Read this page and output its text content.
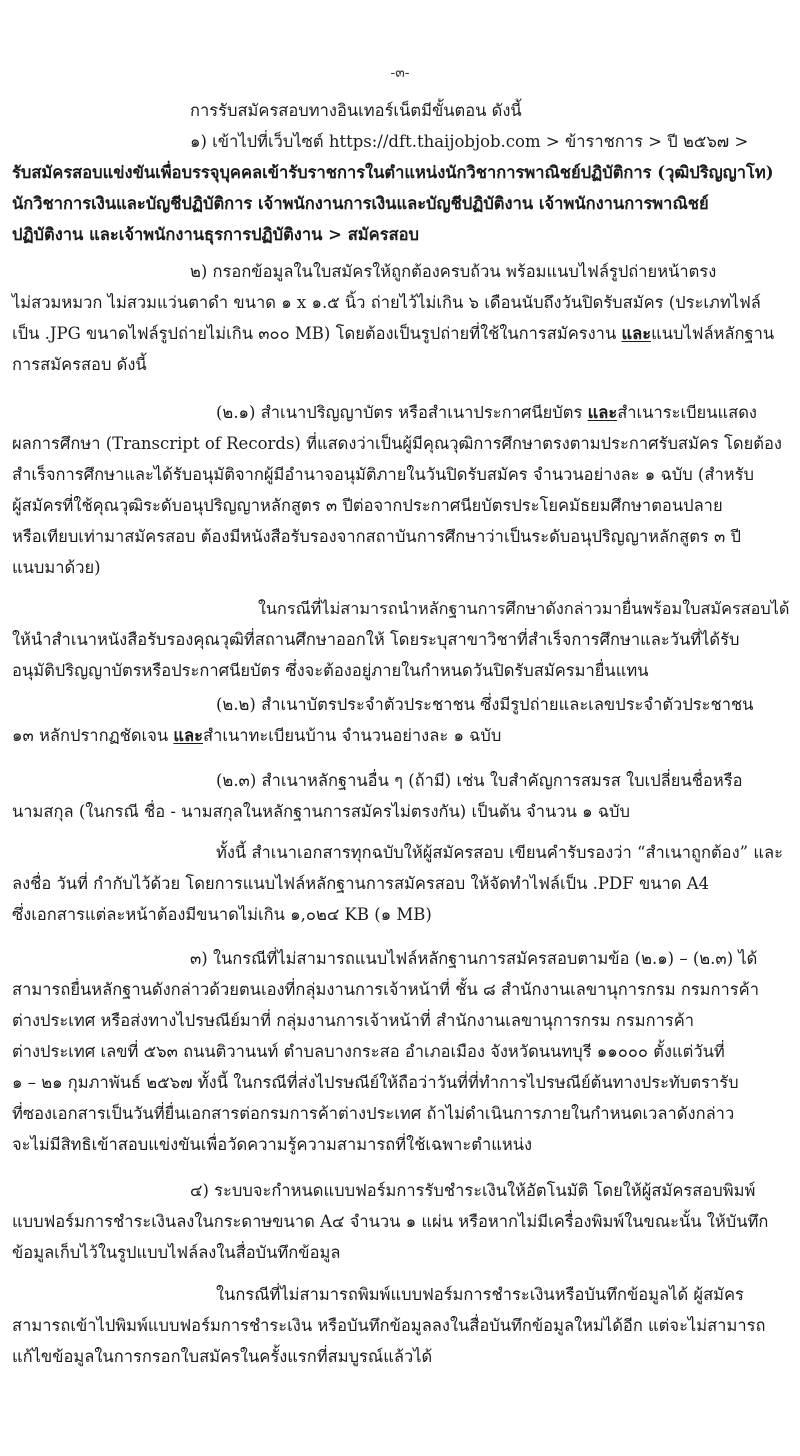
-๓-
การรับสมัครสอบทางอินเทอร์เน็ตมีขั้นตอน ดังนี้
๑) เข้าไปที่เว็บไซต์ https://dft.thaijobjob.com > ข้าราชการ > ปี ๒๕๖๗ >
รับสมัครสอบแข่งขันเพื่อบรรจุบุคคลเข้ารับราชการในตำแหน่งนักวิชาการพาณิชย์ปฏิบัติการ (วุฒิปริญญาโท)
นักวิชาการเงินและบัญชีปฏิบัติการ เจ้าพนักงานการเงินและบัญชีปฏิบัติงาน เจ้าพนักงานการพาณิชย์
ปฏิบัติงาน และเจ้าพนักงานธุรการปฏิบัติงาน > สมัครสอบ
๒) กรอกข้อมูลในใบสมัครให้ถูกต้องครบถ้วน พร้อมแนบไฟล์รูปถ่ายหน้าตรง
ไม่สวมหมวก ไม่สวมแว่นตาดำ ขนาด ๑ x ๑.๕ นิ้ว ถ่ายไว้ไม่เกิน ๖ เดือนนับถึงวันปิดรับสมัคร (ประเภทไฟล์
เป็น .JPG ขนาดไฟล์รูปถ่ายไม่เกิน ๓๐๐ MB) โดยต้องเป็นรูปถ่ายที่ใช้ในการสมัครงาน และแนบไฟล์หลักฐาน
การสมัครสอบ ดังนี้
(๒.๑) สำเนาปริญญาบัตร หรือสำเนาประกาศนียบัตร และสำเนาระเบียนแสดง
ผลการศึกษา (Transcript of Records) ที่แสดงว่าเป็นผู้มีคุณวุฒิการศึกษาตรงตามประกาศรับสมัคร โดยต้อง
สำเร็จการศึกษาและได้รับอนุมัติจากผู้มีอำนาจอนุมัติภายในวันปิดรับสมัคร จำนวนอย่างละ ๑ ฉบับ (สำหรับ
ผู้สมัครที่ใช้คุณวุฒิระดับอนุปริญญาหลักสูตร ๓ ปีต่อจากประกาศนียบัตรประโยคมัธยมศึกษาตอนปลาย
หรือเทียบเท่ามาสมัครสอบ ต้องมีหนังสือรับรองจากสถาบันการศึกษาว่าเป็นระดับอนุปริญญาหลักสูตร ๓ ปี
แนบมาด้วย)
ในกรณีที่ไม่สามารถนำหลักฐานการศึกษาดังกล่าวมายื่นพร้อมใบสมัครสอบได้
ให้นำสำเนาหนังสือรับรองคุณวุฒิที่สถานศึกษาออกให้ โดยระบุสาขาวิชาที่สำเร็จการศึกษาและวันที่ได้รับ
อนุมัติปริญญาบัตรหรือประกาศนียบัตร ซึ่งจะต้องอยู่ภายในกำหนดวันปิดรับสมัครมายื่นแทน
(๒.๒) สำเนาบัตรประจำตัวประชาชน ซึ่งมีรูปถ่ายและเลขประจำตัวประชาชน
๑๓ หลักปรากฏชัดเจน และสำเนาทะเบียนบ้าน จำนวนอย่างละ ๑ ฉบับ
(๒.๓) สำเนาหลักฐานอื่น ๆ (ถ้ามี) เช่น ใบสำคัญการสมรส ใบเปลี่ยนชื่อหรือ
นามสกุล (ในกรณี ชื่อ - นามสกุลในหลักฐานการสมัครไม่ตรงกัน) เป็นต้น จำนวน ๑ ฉบับ
ทั้งนี้ สำเนาเอกสารทุกฉบับให้ผู้สมัครสอบ เขียนคำรับรองว่า “สำเนาถูกต้อง” และ
ลงชื่อ วันที่ กำกับไว้ด้วย โดยการแนบไฟล์หลักฐานการสมัครสอบ ให้จัดทำไฟล์เป็น .PDF ขนาด A4
ซึ่งเอกสารแต่ละหน้าต้องมีขนาดไม่เกิน ๑,๐๒๔ KB (๑ MB)
๓) ในกรณีที่ไม่สามารถแนบไฟล์หลักฐานการสมัครสอบตามข้อ (๒.๑) – (๒.๓) ได้
สามารถยื่นหลักฐานดังกล่าวด้วยตนเองที่กลุ่มงานการเจ้าหน้าที่ ชั้น ๘ สำนักงานเลขานุการกรม กรมการค้า
ต่างประเทศ หรือส่งทางไปรษณีย์มาที่ กลุ่มงานการเจ้าหน้าที่ สำนักงานเลขานุการกรม กรมการค้า
ต่างประเทศ เลขที่ ๕๖๓ ถนนติวานนท์ ตำบลบางกระสอ อำเภอเมือง จังหวัดนนทบุรี ๑๑๐๐๐ ตั้งแต่วันที่
๑ – ๒๑ กุมภาพันธ์ ๒๕๖๗ ทั้งนี้ ในกรณีที่ส่งไปรษณีย์ให้ถือว่าวันที่ที่ทำการไปรษณีย์ต้นทางประทับตรารับ
ที่ซองเอกสารเป็นวันที่ยื่นเอกสารต่อกรมการค้าต่างประเทศ ถ้าไม่ดำเนินการภายในกำหนดเวลาดังกล่าว
จะไม่มีสิทธิเข้าสอบแข่งขันเพื่อวัดความรู้ความสามารถที่ใช้เฉพาะตำแหน่ง
๔) ระบบจะกำหนดแบบฟอร์มการรับชำระเงินให้อัตโนมัติ โดยให้ผู้สมัครสอบพิมพ์
แบบฟอร์มการชำระเงินลงในกระดาษขนาด A๔ จำนวน ๑ แผ่น หรือหากไม่มีเครื่องพิมพ์ในขณะนั้น ให้บันทึก
ข้อมูลเก็บไว้ในรูปแบบไฟล์ลงในสื่อบันทึกข้อมูล
ในกรณีที่ไม่สามารถพิมพ์แบบฟอร์มการชำระเงินหรือบันทึกข้อมูลได้ ผู้สมัคร
สามารถเข้าไปพิมพ์แบบฟอร์มการชำระเงิน หรือบันทึกข้อมูลลงในสื่อบันทึกข้อมูลใหม่ได้อีก แต่จะไม่สามารถ
แก้ไขข้อมูลในการกรอกใบสมัครในครั้งแรกที่สมบูรณ์แล้วได้
